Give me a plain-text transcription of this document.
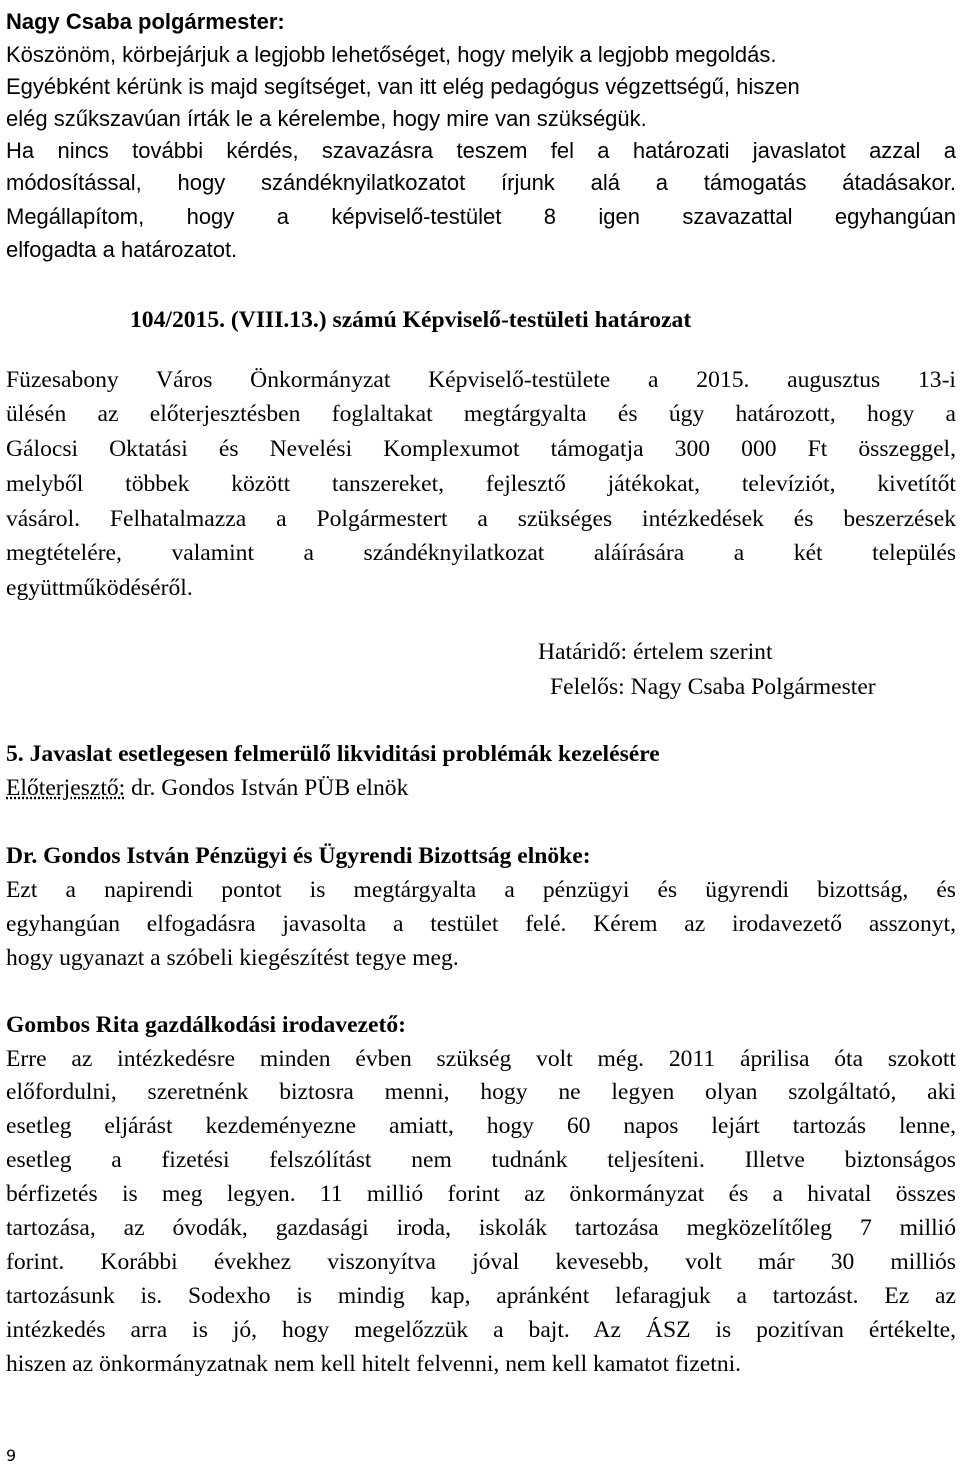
Nagy Csaba polgármester:
Köszönöm, körbejárjuk a legjobb lehetőséget, hogy melyik a legjobb megoldás.
Egyébként kérünk is majd segítséget, van itt elég pedagógus végzettségű, hiszen
elég szűkszavúan írták le a kérelembe, hogy mire van szükségük.
Ha nincs további kérdés, szavazásra teszem fel a határozati javaslatot azzal a
módosítással, hogy szándéknyilatkozatot írjunk alá a támogatás átadásakor.
Megállapítom, hogy a képviselő-testület 8 igen szavazattal egyhangúan
elfogadta a határozatot.
104/2015. (VIII.13.) számú Képviselő-testületi határozat
Füzesabony Város Önkormányzat Képviselő-testülete a 2015. augusztus 13-i
ülésén az előterjesztésben foglaltakat megtárgyalta és úgy határozott, hogy a
Gálocsi Oktatási és Nevelési Komplexumot támogatja 300 000 Ft összeggel,
melyből többek között tanszereket, fejlesztő játékokat, televíziót, kivetítőt
vásárol. Felhatalmazza a Polgármestert a szükséges intézkedések és beszerzések
megtételére, valamint a szándéknyilatkozat aláírására a két település
együttműködéséről.
Határidő: értelem szerint
Felelős: Nagy Csaba Polgármester
5. Javaslat esetlegesen felmerülő likviditási problémák kezelésére
Előterjesztő: dr. Gondos István PÜB elnök
Dr. Gondos István Pénzügyi és Ügyrendi Bizottság elnöke:
Ezt a napirendi pontot is megtárgyalta a pénzügyi és ügyrendi bizottság, és
egyhangúan elfogadásra javasolta a testület felé. Kérem az irodavezető asszonyt,
hogy ugyanazt a szóbeli kiegészítést tegye meg.
Gombos Rita gazdálkodási irodavezető:
Erre az intézkedésre minden évben szükség volt még. 2011 áprilisa óta szokott
előfordulni, szeretnénk biztosra menni, hogy ne legyen olyan szolgáltató, aki
esetleg eljárást kezdeményezne amiatt, hogy 60 napos lejárt tartozás lenne,
esetleg a fizetési felszólítást nem tudnánk teljesíteni. Illetve biztonságos
bérfizetés is meg legyen. 11 millió forint az önkormányzat és a hivatal összes
tartozása, az óvodák, gazdasági iroda, iskolák tartozása megközelítőleg 7 millió
forint. Korábbi évekhez viszonyítva jóval kevesebb, volt már 30 milliós
tartozásunk is. Sodexho is mindig kap, apránként lefaragjuk a tartozást. Ez az
intézkedés arra is jó, hogy megelőzzük a bajt. Az ÁSZ is pozitívan értékelte,
hiszen az önkormányzatnak nem kell hitelt felvenni, nem kell kamatot fizetni.
9
